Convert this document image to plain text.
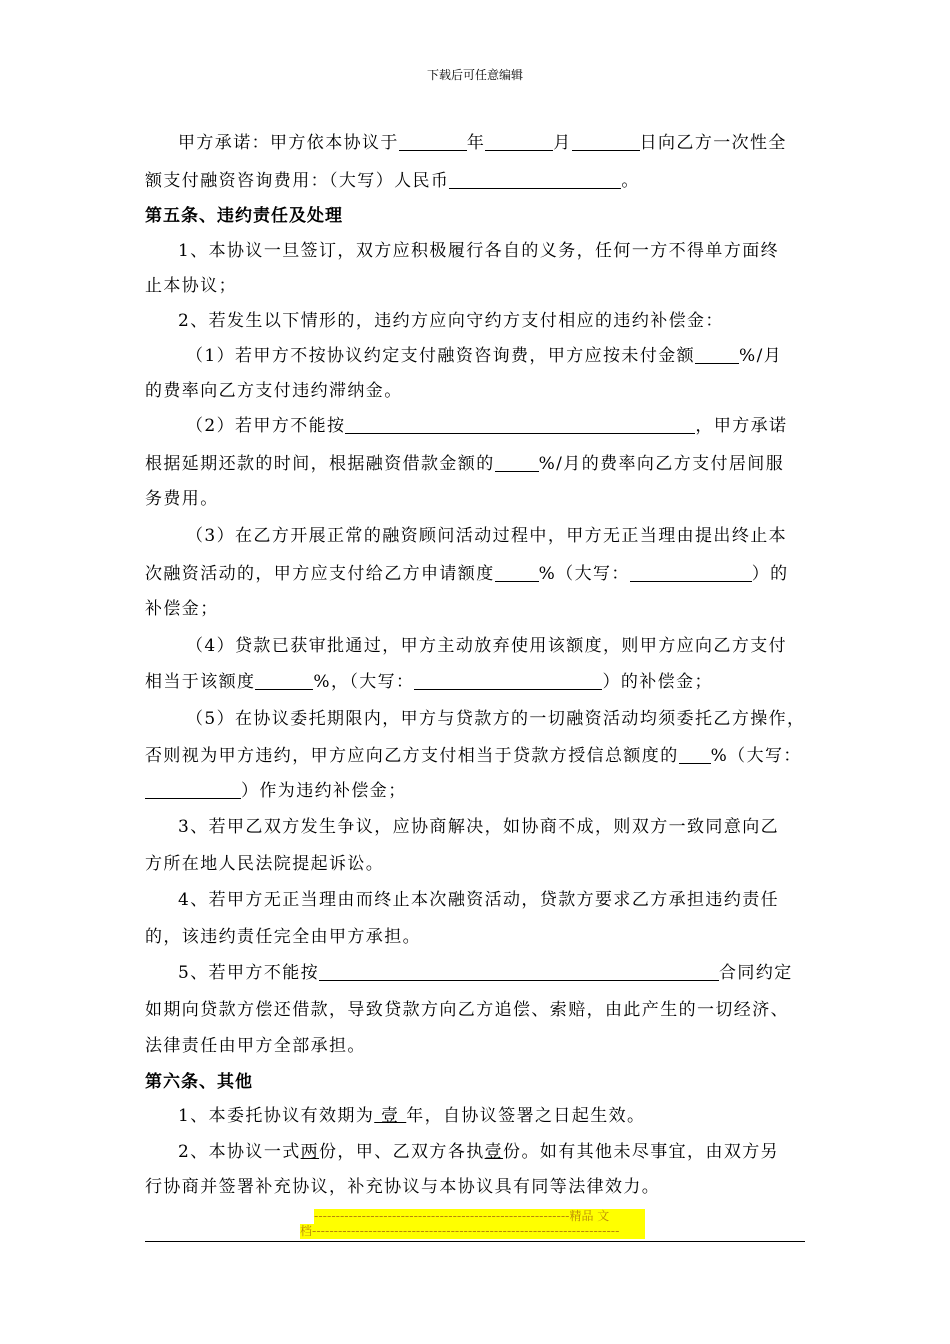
下载后可任意编辑
甲方承诺：甲方依本协议于	年	月	日向乙方一次性全
额支付融资咨询费用：（大写）人民币	。
第五条、违约责任及处理
1、本协议一旦签订，双方应积极履行各自的义务，任何一方不得单方面终
止本协议；
2、若发生以下情形的，违约方应向守约方支付相应的违约补偿金：
（1）若甲方不按协议约定支付融资咨询费，甲方应按未付金额	%/月
的费率向乙方支付违约滞纳金。
（2）若甲方不能按	，甲方承诺
根据延期还款的时间，根据融资借款金额的	%/月的费率向乙方支付居间服
务费用。
（3）在乙方开展正常的融资顾问活动过程中，甲方无正当理由提出终止本
次融资活动的，甲方应支付给乙方申请额度	%（大写：	）的
补偿金；
（4）贷款已获审批通过，甲方主动放弃使用该额度，则甲方应向乙方支付
相当于该额度	%，（大写：	）的补偿金；
（5）在协议委托期限内，甲方与贷款方的一切融资活动均须委托乙方操作，
否则视为甲方违约，甲方应向乙方支付相当于贷款方授信总额度的 %（大写：
）作为违约补偿金；
3、若甲乙双方发生争议，应协商解决，如协商不成，则双方一致同意向乙
方所在地人民法院提起诉讼。
4、若甲方无正当理由而终止本次融资活动，贷款方要求乙方承担违约责任
的，该违约责任完全由甲方承担。
5、若甲方不能按	合同约定
如期向贷款方偿还借款，导致贷款方向乙方追偿、索赔，由此产生的一切经济、
法律责任由甲方全部承担。
第六条、其他
1、本委托协议有效期为 壹 年，自协议签署之日起生效。
2、本协议一式两份，甲、乙双方各执壹份。如有其他未尽事宜，由双方另
行协商并签署补充协议，补充协议与本协议具有同等法律效力。
-----------------------------------------------------------精品 文
档-----------------------------------------------------------------------
